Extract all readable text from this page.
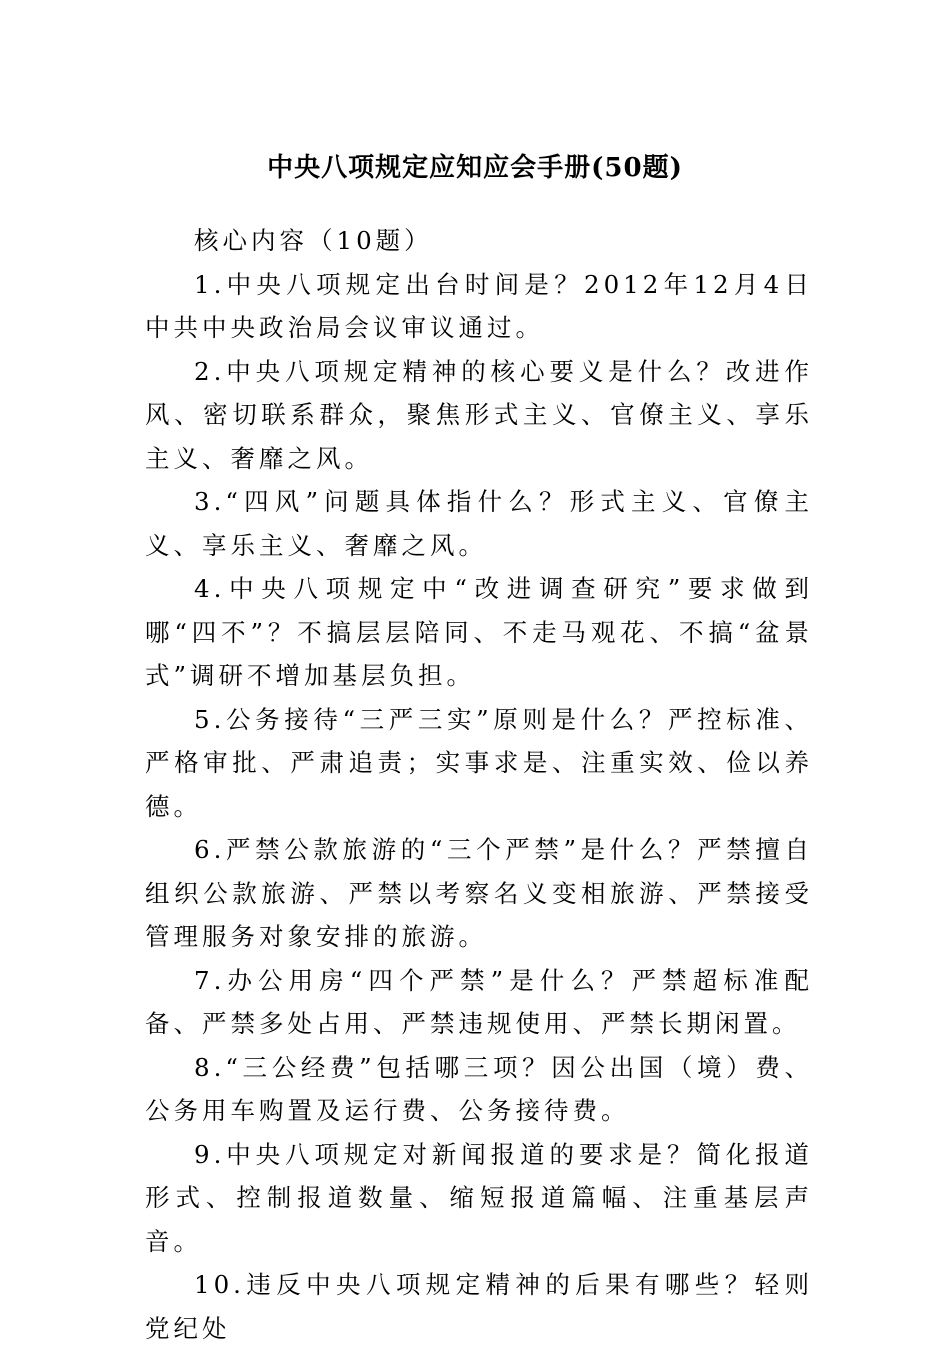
中央八项规定应知应会手册(50题)

核心内容（10题）

1.中央八项规定出台时间是？2012年12月4日中共中央政治局会议审议通过。

2.中央八项规定精神的核心要义是什么？改进作风、密切联系群众，聚焦形式主义、官僚主义、享乐主义、奢靡之风。

3.“四风”问题具体指什么？形式主义、官僚主义、享乐主义、奢靡之风。

4.中央八项规定中“改进调查研究”要求做到哪“四不”？不搞层层陪同、不走马观花、不搞“盆景式”调研不增加基层负担。

5.公务接待“三严三实”原则是什么？严控标准、严格审批、严肃追责；实事求是、注重实效、俭以养德。

6.严禁公款旅游的“三个严禁”是什么？严禁擅自组织公款旅游、严禁以考察名义变相旅游、严禁接受管理服务对象安排的旅游。

7.办公用房“四个严禁”是什么？严禁超标准配备、严禁多处占用、严禁违规使用、严禁长期闲置。

8.“三公经费”包括哪三项？因公出国（境）费、公务用车购置及运行费、公务接待费。

9.中央八项规定对新闻报道的要求是？简化报道形式、控制报道数量、缩短报道篇幅、注重基层声音。

10.违反中央八项规定精神的后果有哪些？轻则党纪处
